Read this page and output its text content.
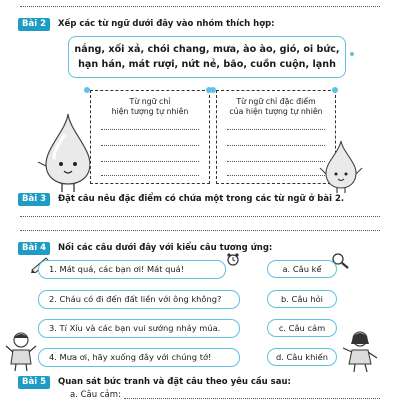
Bài 2	Xếp các từ ngữ dưới đây vào nhóm thích hợp:
nắng, xối xả, chói chang, mưa, ào ào, gió, oi bức,
hạn hán, mát rượi, nứt nẻ, bão, cuồn cuộn, lạnh
Từ ngữ chỉ
hiện tượng tự nhiên
Từ ngữ chỉ đặc điểm
của hiện tượng tự nhiên
Bài 3	Đặt câu nêu đặc điểm có chứa một trong các từ ngữ ở bài 2.
Bài 4	Nối các câu dưới đây với kiểu câu tương ứng:
1. Mát quá, các bạn ơi! Mát quá!
2. Cháu có đi đến đất liền với ông không?
3. Tí Xíu và các bạn vui sướng nhảy múa.
4. Mưa ơi, hãy xuống đây với chúng tớ!
a. Câu kể
b. Câu hỏi
c. Câu cảm
d. Câu khiến
Bài 5	Quan sát bức tranh và đặt câu theo yêu cầu sau:
a. Câu cảm:
